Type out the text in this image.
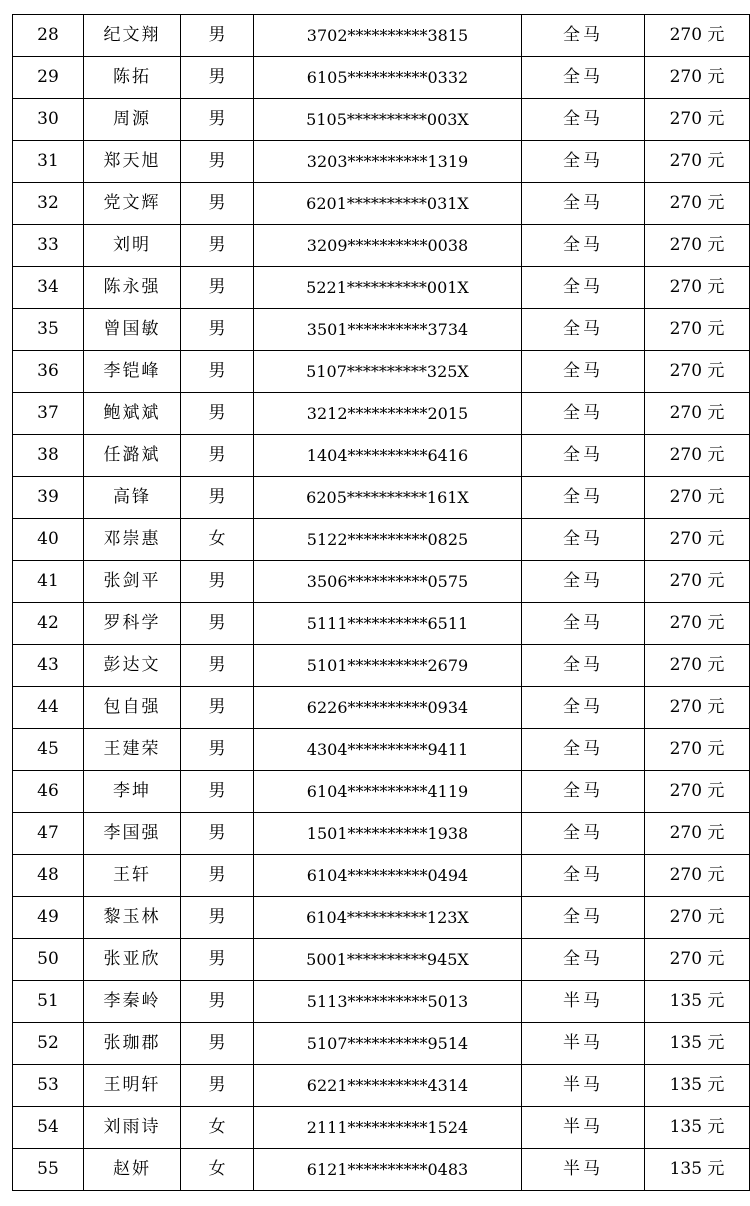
28	纪文翔	男	3702**********3815	全马	270 元
29	陈拓	男	6105**********0332	全马	270 元
30	周源	男	5105**********003X	全马	270 元
31	郑天旭	男	3203**********1319	全马	270 元
32	党文辉	男	6201**********031X	全马	270 元
33	刘明	男	3209**********0038	全马	270 元
34	陈永强	男	5221**********001X	全马	270 元
35	曾国敏	男	3501**********3734	全马	270 元
36	李铠峰	男	5107**********325X	全马	270 元
37	鲍斌斌	男	3212**********2015	全马	270 元
38	任潞斌	男	1404**********6416	全马	270 元
39	高锋	男	6205**********161X	全马	270 元
40	邓崇惠	女	5122**********0825	全马	270 元
41	张剑平	男	3506**********0575	全马	270 元
42	罗科学	男	5111**********6511	全马	270 元
43	彭达文	男	5101**********2679	全马	270 元
44	包自强	男	6226**********0934	全马	270 元
45	王建荣	男	4304**********9411	全马	270 元
46	李坤	男	6104**********4119	全马	270 元
47	李国强	男	1501**********1938	全马	270 元
48	王轩	男	6104**********0494	全马	270 元
49	黎玉林	男	6104**********123X	全马	270 元
50	张亚欣	男	5001**********945X	全马	270 元
51	李秦岭	男	5113**********5013	半马	135 元
52	张珈郡	男	5107**********9514	半马	135 元
53	王明轩	男	6221**********4314	半马	135 元
54	刘雨诗	女	2111**********1524	半马	135 元
55	赵妍	女	6121**********0483	半马	135 元
